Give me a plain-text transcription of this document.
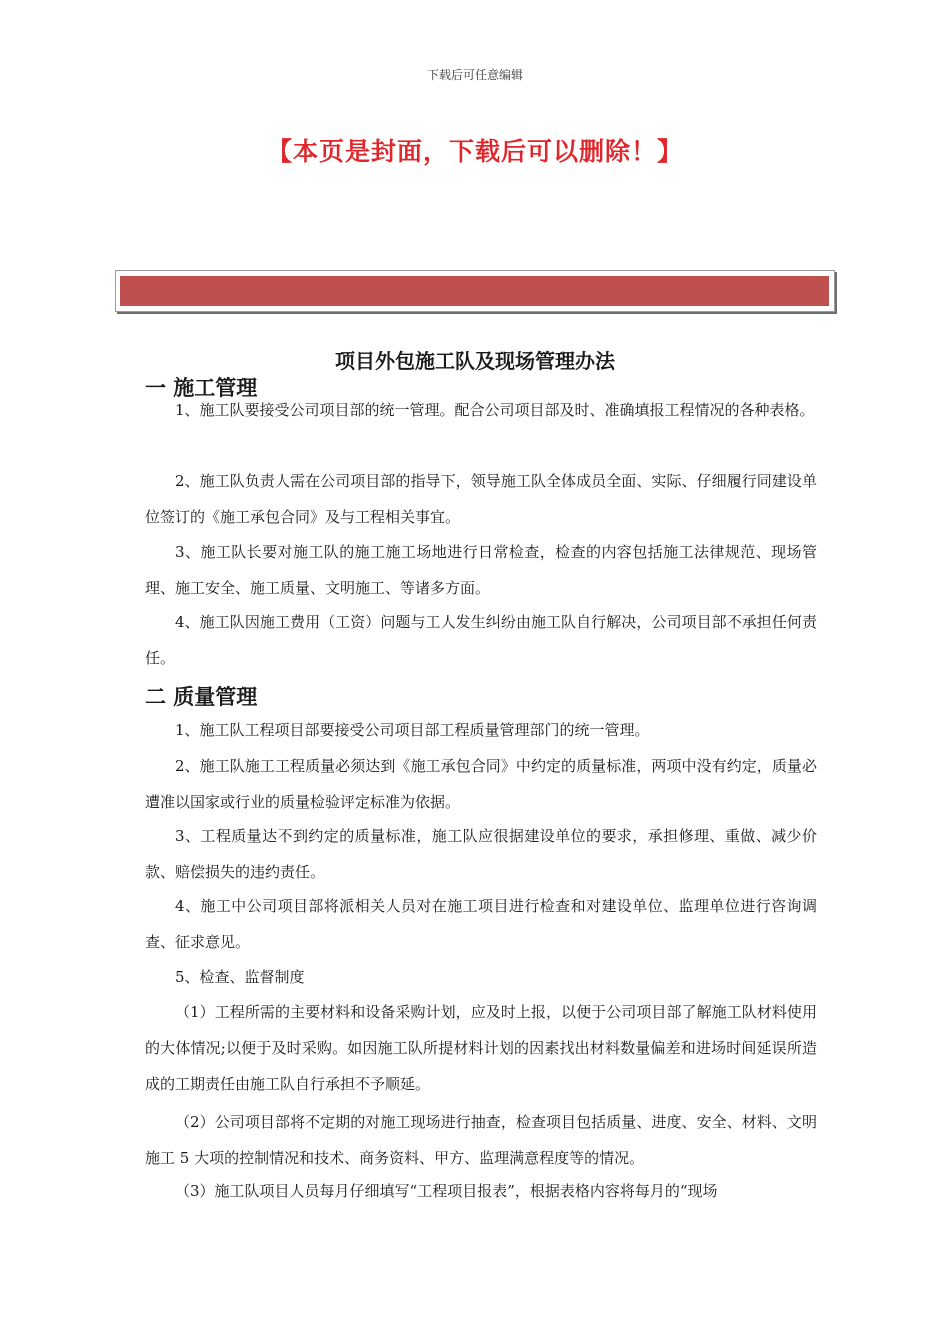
下载后可任意编辑
【本页是封面，下载后可以删除！】
项目外包施工队及现场管理办法
一 施工管理

1、施工队要接受公司项目部的统一管理。配合公司项目部及时、准确填报工程情况的各种表格。

2、施工队负责人需在公司项目部的指导下，领导施工队全体成员全面、实际、仔细履行同建设单位签订的《施工承包合同》及与工程相关事宜。

3、施工队长要对施工队的施工施工场地进行日常检查，检查的内容包括施工法律规范、现场管理、施工安全、施工质量、文明施工、等诸多方面。

4、施工队因施工费用（工资）问题与工人发生纠纷由施工队自行解决，公司项目部不承担任何责任。

二 质量管理

1、施工队工程项目部要接受公司项目部工程质量管理部门的统一管理。

2、施工队施工工程质量必须达到《施工承包合同》中约定的质量标准，两项中没有约定，质量必遭准以国家或行业的质量检验评定标准为依据。

3、工程质量达不到约定的质量标准，施工队应很据建设单位的要求，承担修理、重做、减少价款、赔偿损失的违约责任。

4、施工中公司项目部将派相关人员对在施工项目进行检查和对建设单位、监理单位进行咨询调查、征求意见。

5、检查、监督制度

（1）工程所需的主要材料和设备采购计划，应及时上报，以便于公司项目部了解施工队材料使用的大体情况;以便于及时采购。如因施工队所提材料计划的因素找出材料数量偏差和进场时间延误所造成的工期责任由施工队自行承担不予顺延。

（2）公司项目部将不定期的对施工现场进行抽查，检查项目包括质量、进度、安全、材料、文明施工 5 大项的控制情况和技术、商务资料、甲方、监理满意程度等的情况。

（3）施工队项目人员每月仔细填写“工程项目报表”，根据表格内容将每月的“现场
